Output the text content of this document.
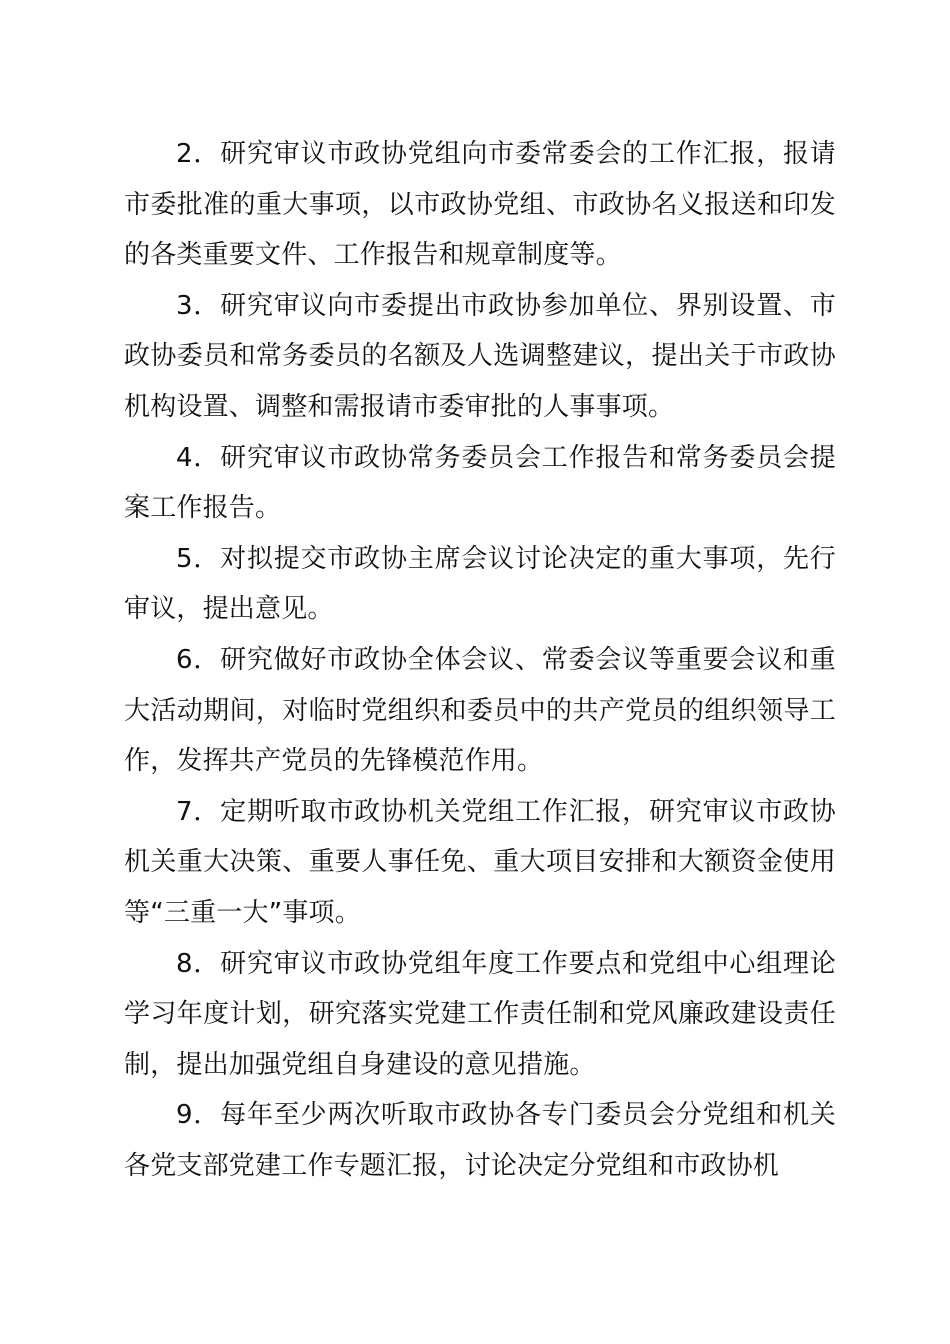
2．研究审议市政协党组向市委常委会的工作汇报，报请市委批准的重大事项，以市政协党组、市政协名义报送和印发的各类重要文件、工作报告和规章制度等。

3．研究审议向市委提出市政协参加单位、界别设置、市政协委员和常务委员的名额及人选调整建议，提出关于市政协机构设置、调整和需报请市委审批的人事事项。

4．研究审议市政协常务委员会工作报告和常务委员会提案工作报告。

5．对拟提交市政协主席会议讨论决定的重大事项，先行审议，提出意见。

6．研究做好市政协全体会议、常委会议等重要会议和重大活动期间，对临时党组织和委员中的共产党员的组织领导工作，发挥共产党员的先锋模范作用。

7．定期听取市政协机关党组工作汇报，研究审议市政协机关重大决策、重要人事任免、重大项目安排和大额资金使用等“三重一大”事项。

8．研究审议市政协党组年度工作要点和党组中心组理论学习年度计划，研究落实党建工作责任制和党风廉政建设责任制，提出加强党组自身建设的意见措施。

9．每年至少两次听取市政协各专门委员会分党组和机关各党支部党建工作专题汇报，讨论决定分党组和市政协机
